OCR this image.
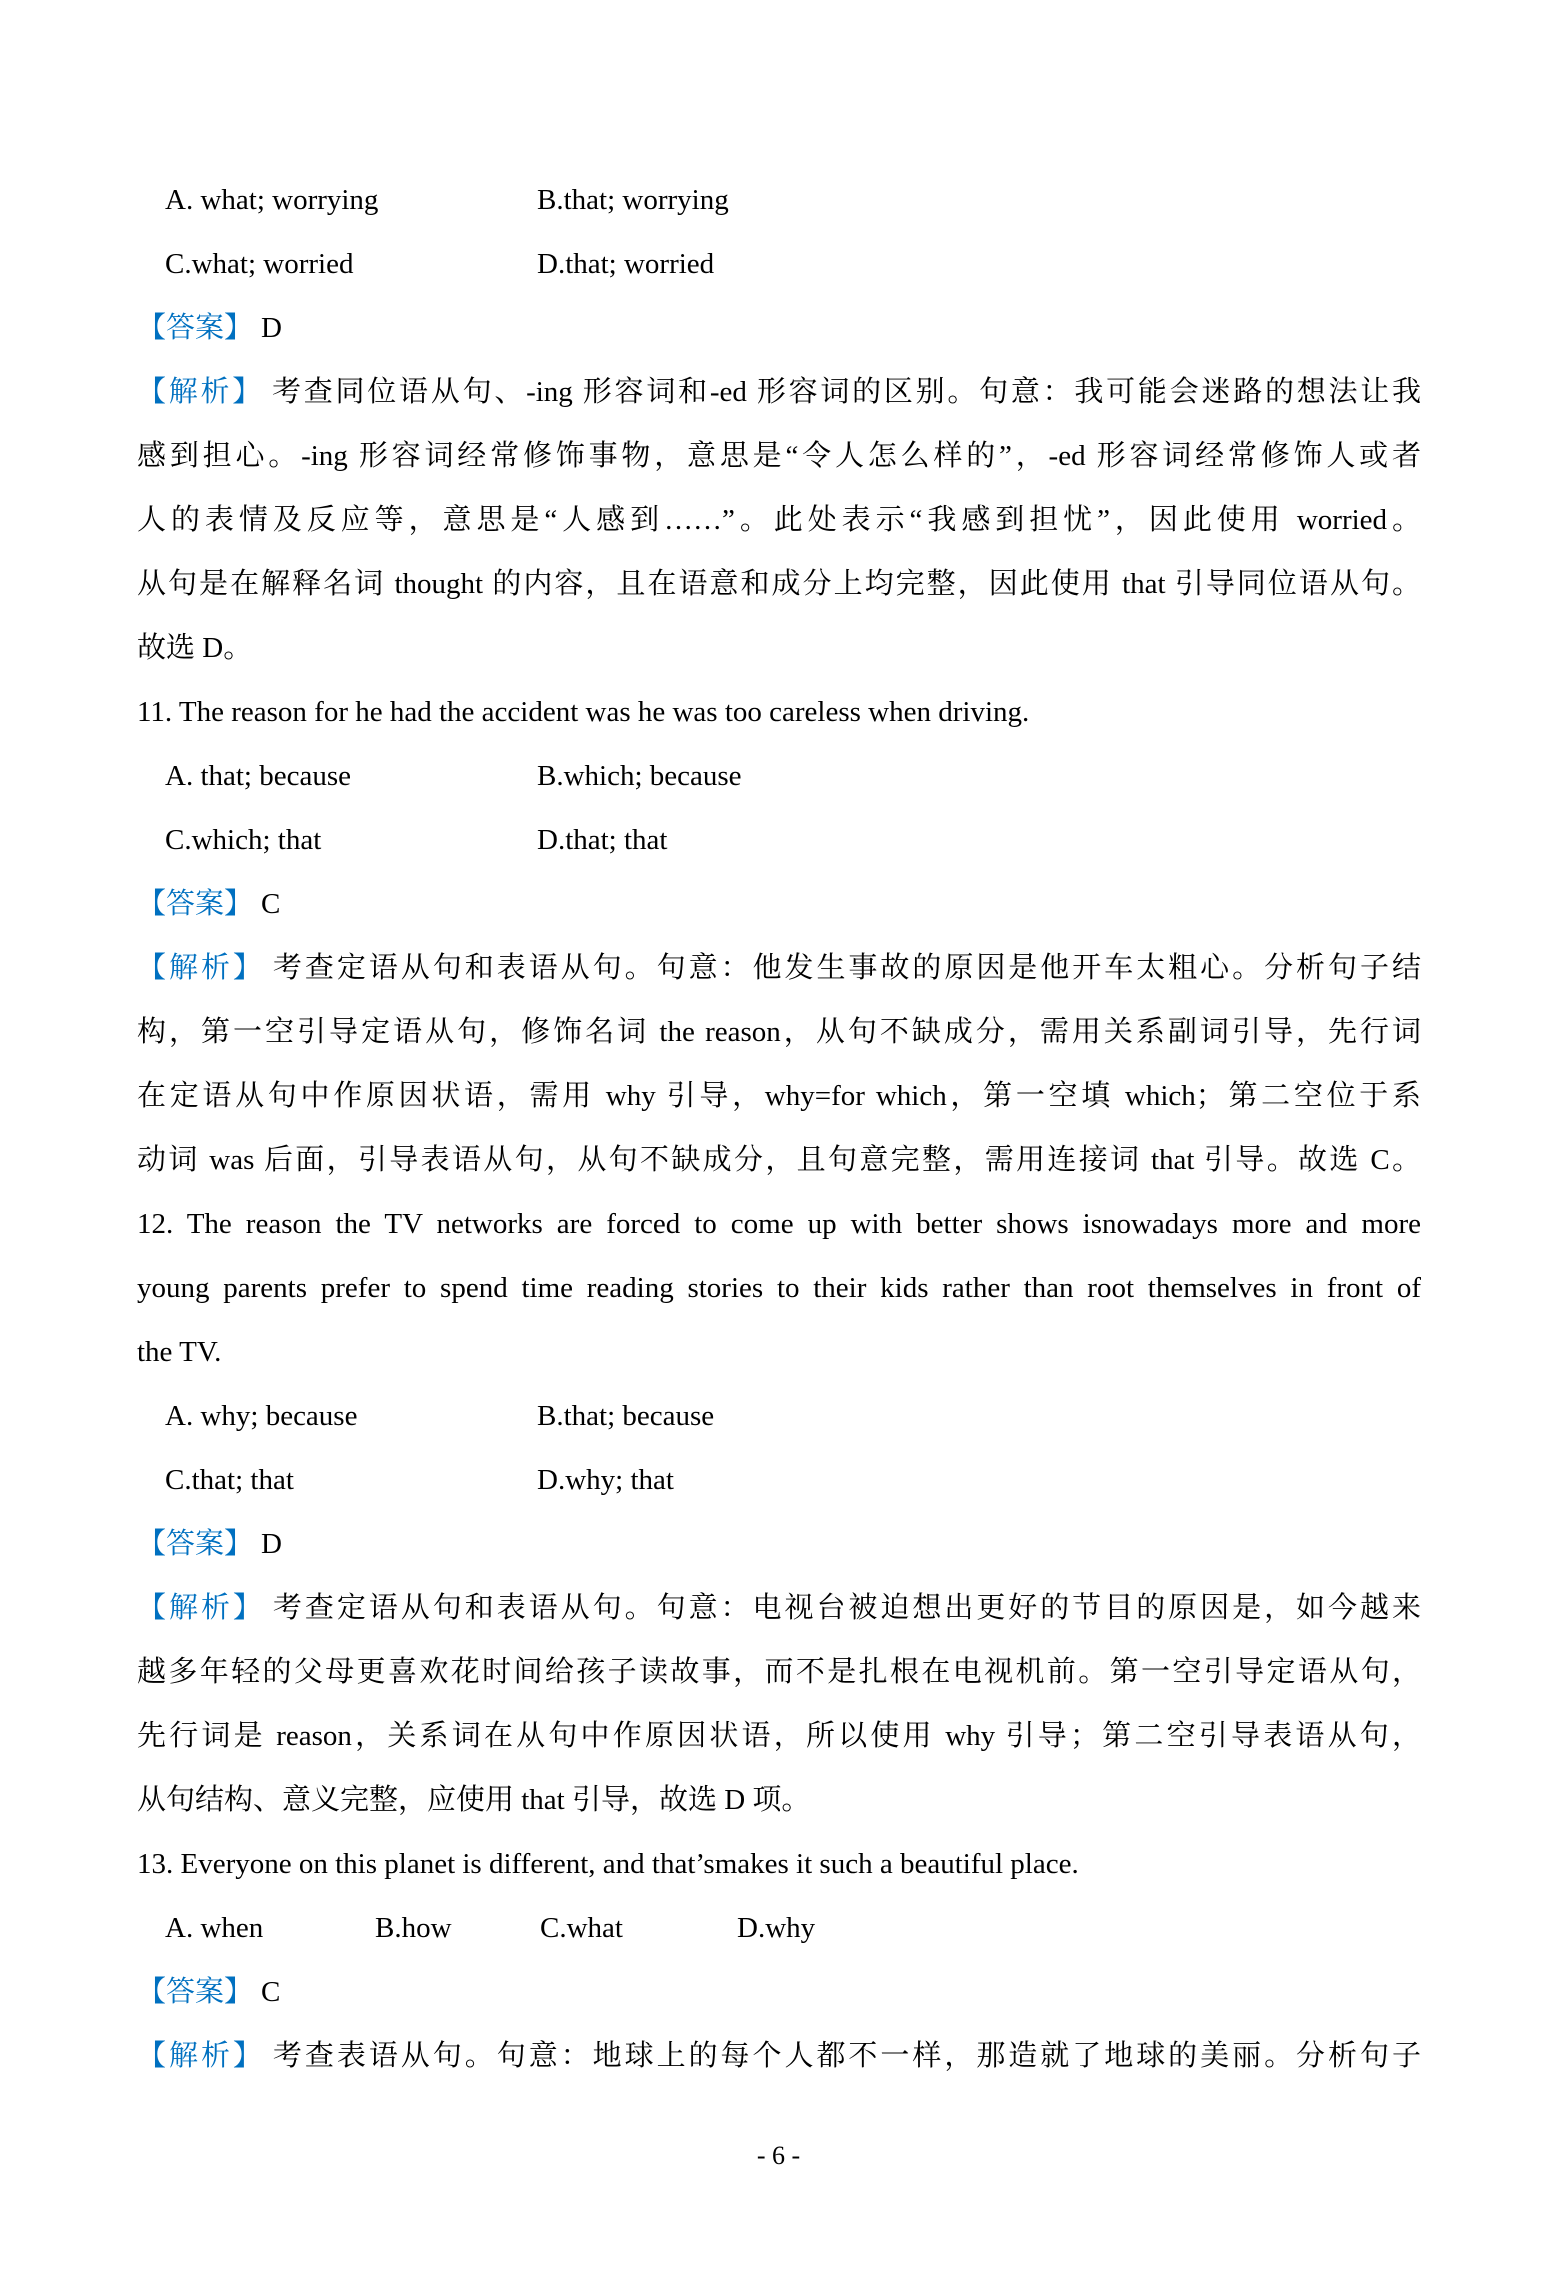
A. what; worrying	B.that; worrying
C.what; worried	D.that; worried
【答案】 D
【解析】 考查同位语从句、-ing 形容词和-ed 形容词的区别。句意：我可能会迷路的想法让我
感到担心。-ing 形容词经常修饰事物，意思是“令人怎么样的”，-ed 形容词经常修饰人或者
人的表情及反应等，意思是“人感到……”。此处表示“我感到担忧”，因此使用 worried。
从句是在解释名词 thought 的内容，且在语意和成分上均完整，因此使用 that 引导同位语从句。
故选 D。
11. The reason for he had the accident was he was too careless when driving.
A. that; because	B.which; because
C.which; that	D.that; that
【答案】 C
【解析】 考查定语从句和表语从句。句意：他发生事故的原因是他开车太粗心。分析句子结
构，第一空引导定语从句，修饰名词 the reason，从句不缺成分，需用关系副词引导，先行词
在定语从句中作原因状语，需用 why 引导，why=for which，第一空填 which；第二空位于系
动词 was 后面，引导表语从句，从句不缺成分，且句意完整，需用连接词 that 引导。故选 C。
12. The reason the TV networks are forced to come up with better shows isnowadays more and more
young parents prefer to spend time reading stories to their kids rather than root themselves in front of
the TV.
A. why; because	B.that; because
C.that; that	D.why; that
【答案】 D
【解析】 考查定语从句和表语从句。句意：电视台被迫想出更好的节目的原因是，如今越来
越多年轻的父母更喜欢花时间给孩子读故事，而不是扎根在电视机前。第一空引导定语从句，
先行词是 reason，关系词在从句中作原因状语，所以使用 why 引导；第二空引导表语从句，
从句结构、意义完整，应使用 that 引导，故选 D 项。
13. Everyone on this planet is different, and that’smakes it such a beautiful place.
A. when	B.how	C.what	D.why
【答案】 C
【解析】 考查表语从句。句意：地球上的每个人都不一样，那造就了地球的美丽。分析句子
- 6 -
